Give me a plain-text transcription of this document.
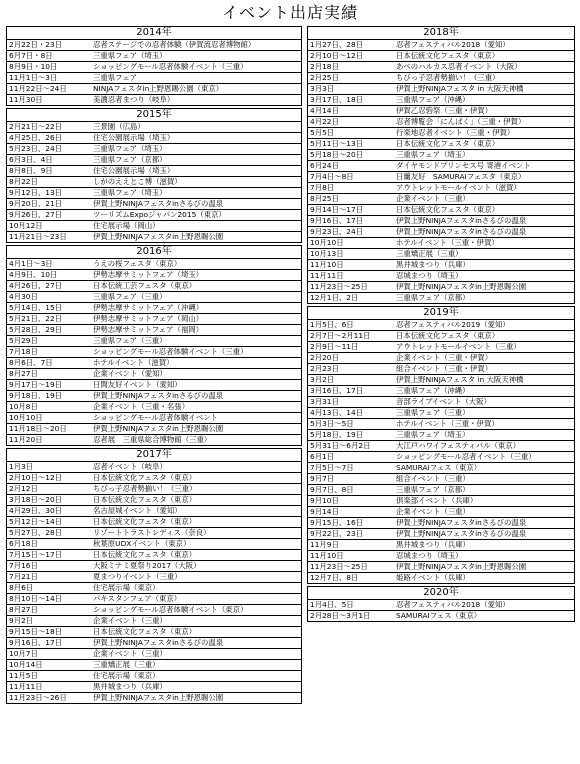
イベント出店実績
2014年
2月22日・23日	忍者ステージでの忍者体験（伊賀流忍者博物館）
6月7日・8日	三重県フェア（埼玉）
8月9日・10日	ショッピングモール忍者体験イベント（三重）
11月1日～3日	三重県フェア
11月22日～24日	NINJAフェスタin上野恩賜公園（東京）
11月30日	美濃忍者まつり（岐阜）
2015年
2月21日～22日	三景園（広島）
4月25日、26日	住宅公園展示場（埼玉）
5月23日、24日	三重県フェア（埼玉）
6月3日、4日	三重県フェア（京都）
8月8日、9日	住宅公園展示場（埼玉）
8月22日	しがのええとこ博（滋賀）
9月12日、13日	三重県フェア（埼玉）
9月20日、21日	伊賀上野NINJAフェスタinさるびの温泉
9月26日、27日	ツーリズムExpoジャパン2015（東京）
10月12日	住宅展示場（岡山）
11月21日～23日	伊賀上野NINJAフェスタin上野恩賜公園
2016年
4月1日～3日	うえの桜フェスタ（東京）
4月9日、10日	伊勢志摩サミットフェア（埼玉）
4月26日、27日	日本伝統工芸フェスタ（東京）
4月30日	三重県フェア（三重）
5月14日、15日	伊勢志摩サミットフェア（沖縄）
5月21日、22日	伊勢志摩サミットフェア（岡山）
5月28日、29日	伊勢志摩サミットフェア（福岡）
5月29日	三重県フェア（三重）
7月18日	ショッピングモール忍者体験イベント（三重）
8月6日、7日	ホテルイベント（滋賀）
8月27日	企業イベント（愛知）
9月17日～19日	日間友好イベント（愛知）
9月18日、19日	伊賀上野NINJAフェスタinさるびの温泉
10月8日	企業イベント（三重・名張）
10月10日	ショッピングモール忍者体験イベント
11月18日～20日	伊賀上野NINJAフェスタin上野恩賜公園
11月20日	忍者展　三重県総合博物館（三重）
2017年
1月3日	忍者イベント（岐阜）
2月10日～12日	日本伝統文化フェスタ（東京）
2月12日	ちびっ子忍者勢揃い！（三重）
3月18日～20日	日本伝統文化フェスタ（東京）
4月29日、30日	名古屋城イベント（愛知）
5月12日～14日	日本伝統文化フェスタ（東京）
5月27日、28日	リゾートトラストレディス（奈良）
6月18日	秋葉原UDXイベント（東京）
7月15日～17日	日本伝統文化フェスタ（東京）
7月16日	大阪ミナミ夏祭り2017（大阪）
7月21日	夏まつりイベント（三重）
8月6日	住宅展示場（東京）
8月10日～14日	パキスタンフェア（東京）
8月27日	ショッピングモール忍者体験イベント（東京）
9月2日	企業イベント（三重）
9月15日～18日	日本伝統文化フェスタ（東京）
9月16日、17日	伊賀上野NINJAフェスタinさるびの温泉
10月7日	企業イベント（三重）
10月14日	三重矯正展（三重）
11月5日	住宅展示場（東京）
11月11日	黒井城まつり（兵庫）
11月23日～26日	伊賀上野NINJAフェスタin上野恩賜公園
2018年
1月27日、28日	忍者フェスティバル2018（愛知）
2月10日～12日	日本伝統文化フェスタ（東京）
2月18日	あべのハルカス忍者イベント（大阪）
2月25日	ちびっ子忍者勢揃い！（三重）
3月3日	伊賀上野NINJAフェスタ in 大阪天神橋
3月17日、18日	三重県フェア（沖縄）
4月14日	伊賀乙忍砦祭（三重・伊賀）
4月22日	忍者博覧会「にんぱく」（三重・伊賀）
5月5日	行楽地忍者イベント（三重・伊賀）
5月11日～13日	日本伝統文化フェスタ（東京）
5月18日～20日	三重県フェア（埼玉）
6月24日	ダイヤモンドプリンセス号 寄港イベント
7月4日～8日	日蘭友好　SAMURAIフェスタ（東京）
7月8日	アウトレットモールイベント（滋賀）
8月25日	企業イベント（三重）
9月14日～17日	日本伝統文化フェスタ（東京）
9月16日、17日	伊賀上野NINJAフェスタinさるびの温泉
9月23日、24日	伊賀上野NINJAフェスタinさるびの温泉
10月10日	ホテルイベント（三重・伊賀）
10月13日	三重矯正展（三重）
11月10日	黒井城まつり（兵庫）
11月11日	忍城まつり（埼玉）
11月23日～25日	伊賀上野NINJAフェスタin上野恩賜公園
12月1日、2日	三重県フェア（京都）
2019年
1月5日、6日	忍者フェスティバル2019（愛知）
2月7日～2月11日	日本伝統文化フェスタ（東京）
2月9日～11日	アウトレットモールイベント（三重）
2月20日	企業イベント（三重・伊賀）
2月23日	組合イベント（三重・伊賀）
3月2日	伊賀上野NINJAフェスタ in 大阪天神橋
3月16日、17日	三重県フェア（沖縄）
3月31日	音部ライブイベント（大阪）
4月13日、14日	三重県フェア（三重）
5月3日～5日	ホテルイベント（三重・伊賀）
5月18日、19日	三重県フェア（埼玉）
5月31日～6月2日	大江戸ハワイフェスティバル（東京）
6月1日	ショッピングモール忍者イベント（三重）
7月5日～7日	SAMURAIフェス（東京）
9月7日	組合イベント（三重）
9月7日、8日	三重県フェア（京都）
9月10日	倶楽部イベント（兵庫）
9月14日	企業イベント（三重）
9月15日、16日	伊賀上野NINJAフェスタinさるびの温泉
9月22日、23日	伊賀上野NINJAフェスタinさるびの温泉
11月9日	黒井城まつり（兵庫）
11月10日	忍城まつり（埼玉）
11月23日～25日	伊賀上野NINJAフェスタin上野恩賜公園
12月7日、8日	姫路イベント（兵庫）
2020年
1月4日、5日	忍者フェスティバル2018（愛知）
2月28日～3月1日	SAMURAIフェス（東京）
